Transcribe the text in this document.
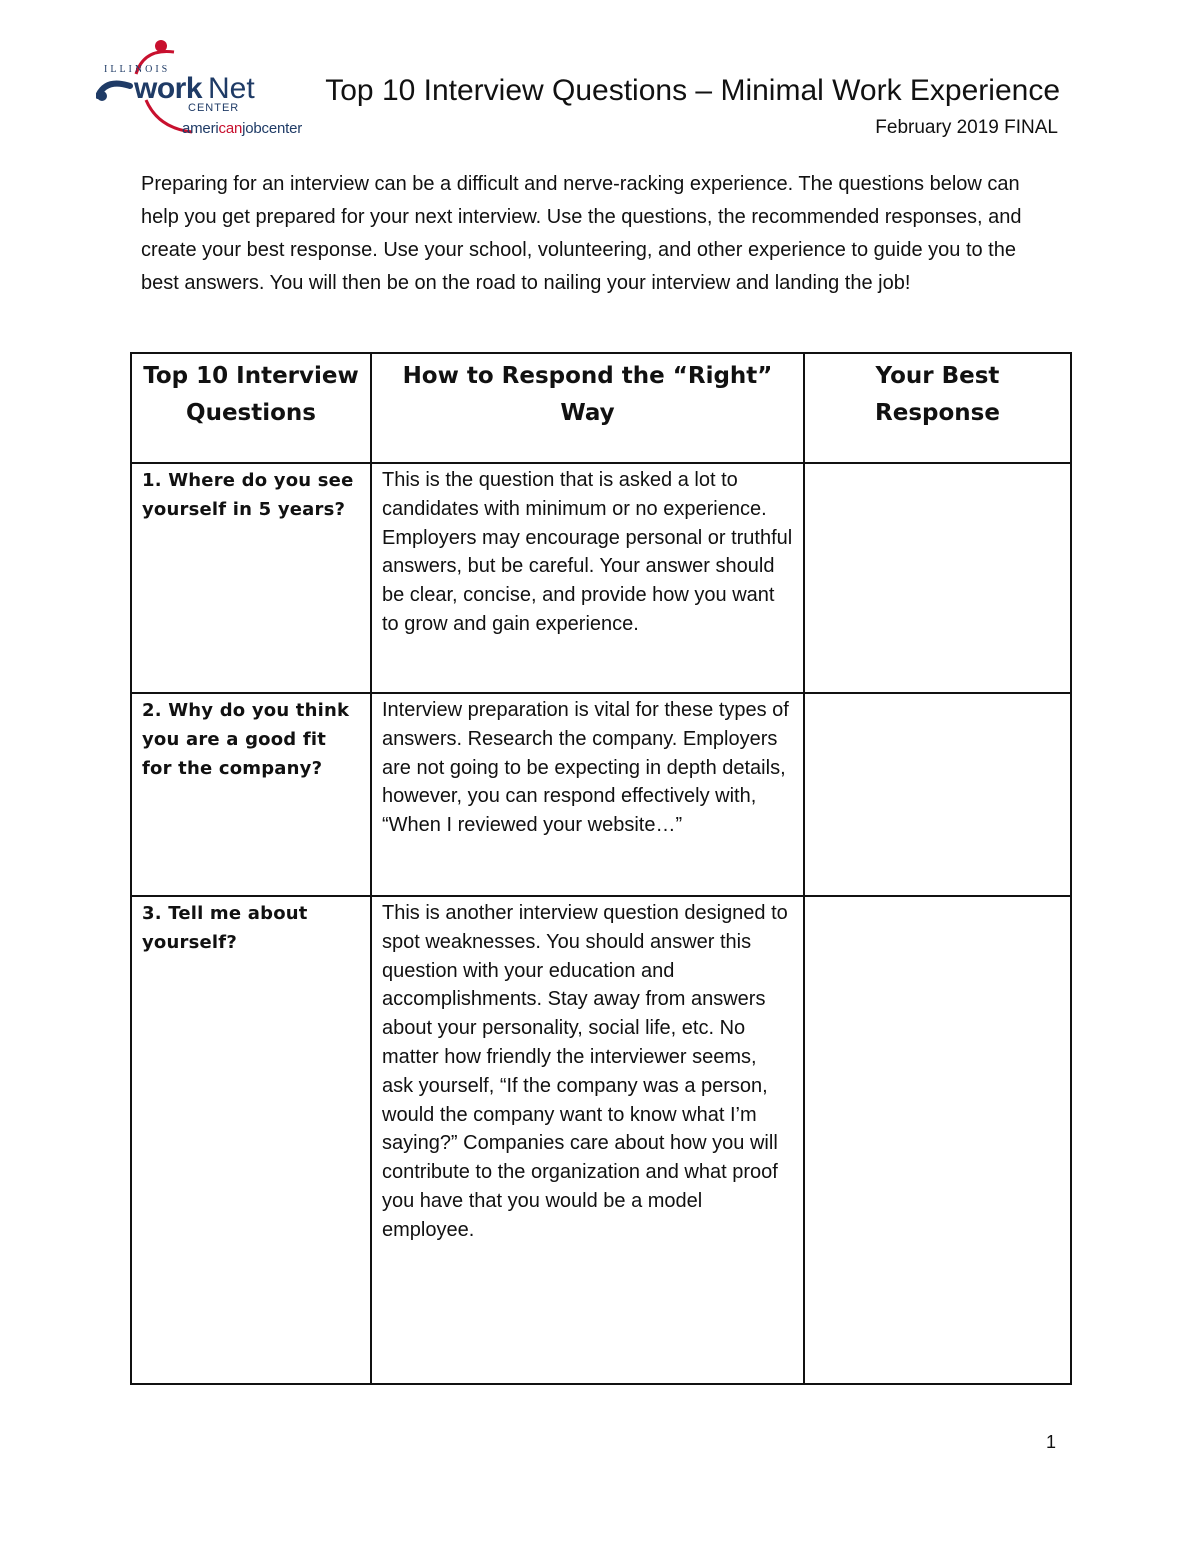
ILLINOIS
work Net
CENTER
americanjobcenter
Top 10 Interview Questions – Minimal Work Experience
February 2019 FINAL

Preparing for an interview can be a difficult and nerve-racking experience. The questions below can help you get prepared for your next interview. Use the questions, the recommended responses, and create your best response. Use your school, volunteering, and other experience to guide you to the best answers. You will then be on the road to nailing your interview and landing the job!

Top 10 Interview Questions	How to Respond the “Right” Way	Your Best Response
1. Where do you see yourself in 5 years?	This is the question that is asked a lot to candidates with minimum or no experience. Employers may encourage personal or truthful answers, but be careful. Your answer should be clear, concise, and provide how you want to grow and gain experience.	
2. Why do you think you are a good fit for the company?	Interview preparation is vital for these types of answers. Research the company. Employers are not going to be expecting in depth details, however, you can respond effectively with, “When I reviewed your website…”	
3. Tell me about yourself?	This is another interview question designed to spot weaknesses. You should answer this question with your education and accomplishments. Stay away from answers about your personality, social life, etc. No matter how friendly the interviewer seems, ask yourself, “If the company was a person, would the company want to know what I’m saying?” Companies care about how you will contribute to the organization and what proof you have that you would be a model employee.	
1
